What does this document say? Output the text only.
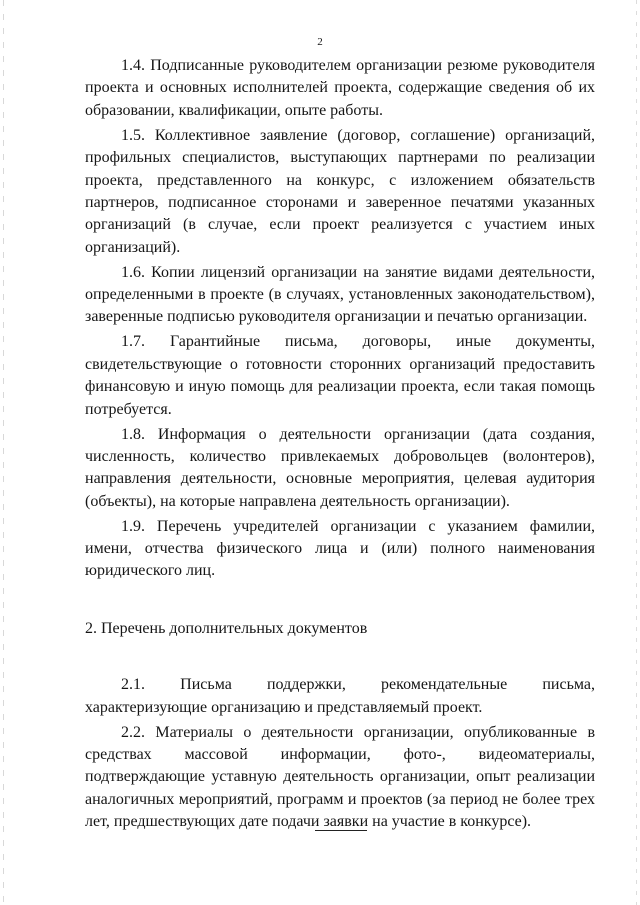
2

1.4. Подписанные руководителем организации резюме руководителя проекта и основных исполнителей проекта, содержащие сведения об их образовании, квалификации, опыте работы.

1.5. Коллективное заявление (договор, соглашение) организаций, профильных специалистов, выступающих партнерами по реализации проекта, представленного на конкурс, с изложением обязательств партнеров, подписанное сторонами и заверенное печатями указанных организаций (в случае, если проект реализуется с участием иных организаций).

1.6. Копии лицензий организации на занятие видами деятельности, определенными в проекте (в случаях, установленных законодательством), заверенные подписью руководителя организации и печатью организации.

1.7. Гарантийные письма, договоры, иные документы, свидетельствующие о готовности сторонних организаций предоставить финансовую и иную помощь для реализации проекта, если такая помощь потребуется.

1.8. Информация о деятельности организации (дата создания, численность, количество привлекаемых добровольцев (волонтеров), направления деятельности, основные мероприятия, целевая аудитория (объекты), на которые направлена деятельность организации).

1.9. Перечень учредителей организации с указанием фамилии, имени, отчества физического лица и (или) полного наименования юридического лиц.

2. Перечень дополнительных документов

2.1. Письма поддержки, рекомендательные письма, характеризующие организацию и представляемый проект.

2.2. Материалы о деятельности организации, опубликованные в средствах массовой информации, фото-, видеоматериалы, подтверждающие уставную деятельность организации, опыт реализации аналогичных мероприятий, программ и проектов (за период не более трех лет, предшествующих дате подачи заявки на участие в конкурсе).
